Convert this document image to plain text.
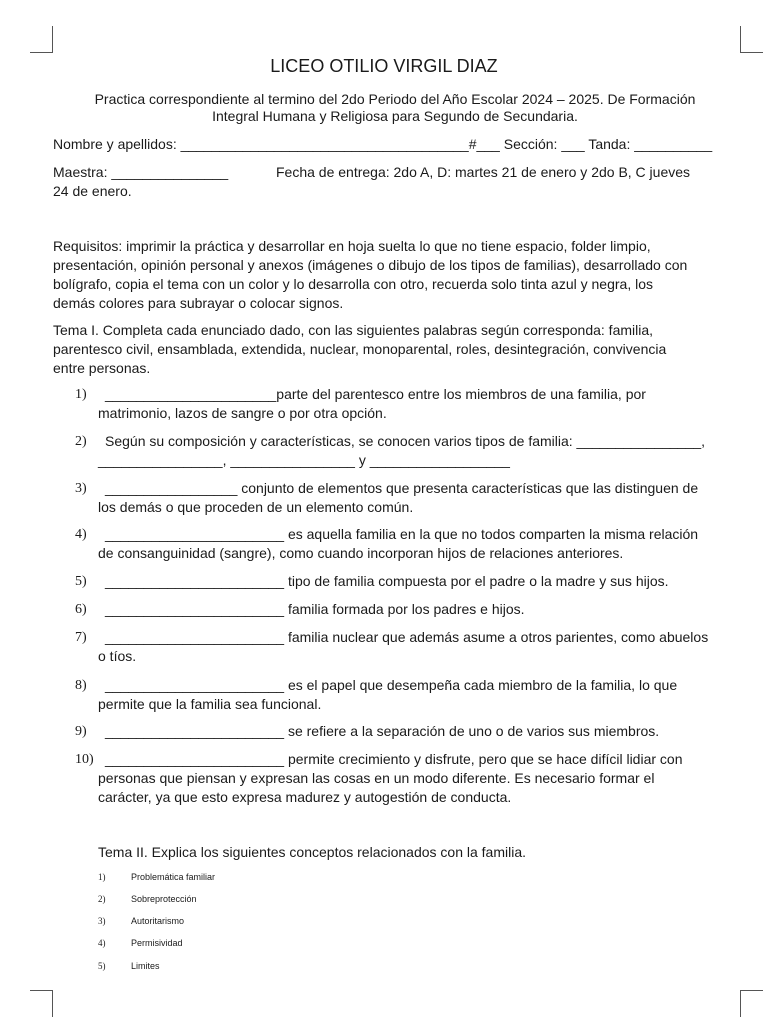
LICEO OTILIO VIRGIL DIAZ
Practica correspondiente al termino del 2do Periodo del Año Escolar 2024 – 2025. De Formación
Integral Humana y Religiosa para Segundo de Secundaria.
Nombre y apellidos: _____________________________________#___ Sección: ___ Tanda: __________
Maestra: _______________	Fecha de entrega: 2do A, D: martes 21 de enero y 2do B, C jueves
24 de enero.
Requisitos: imprimir la práctica y desarrollar en hoja suelta lo que no tiene espacio, folder limpio,
presentación, opinión personal y anexos (imágenes o dibujo de los tipos de familias), desarrollado con
bolígrafo, copia el tema con un color y lo desarrolla con otro, recuerda solo tinta azul y negra, los
demás colores para subrayar o colocar signos.
Tema I. Completa cada enunciado dado, con las siguientes palabras según corresponda: familia,
parentesco civil, ensamblada, extendida, nuclear, monoparental, roles, desintegración, convivencia
entre personas.
1) ______________________parte del parentesco entre los miembros de una familia, por
matrimonio, lazos de sangre o por otra opción.
2) Según su composición y características, se conocen varios tipos de familia: ________________,
________________, ________________ y __________________
3) _________________ conjunto de elementos que presenta características que las distinguen de
los demás o que proceden de un elemento común.
4) _______________________ es aquella familia en la que no todos comparten la misma relación
de consanguinidad (sangre), como cuando incorporan hijos de relaciones anteriores.
5) _______________________ tipo de familia compuesta por el padre o la madre y sus hijos.
6) _______________________ familia formada por los padres e hijos.
7) _______________________ familia nuclear que además asume a otros parientes, como abuelos
o tíos.
8) _______________________ es el papel que desempeña cada miembro de la familia, lo que
permite que la familia sea funcional.
9) _______________________ se refiere a la separación de uno o de varios sus miembros.
10) _______________________ permite crecimiento y disfrute, pero que se hace difícil lidiar con
personas que piensan y expresan las cosas en un modo diferente. Es necesario formar el
carácter, ya que esto expresa madurez y autogestión de conducta.
Tema II. Explica los siguientes conceptos relacionados con la familia.
1)	Problemática familiar
2)	Sobreprotección
3)	Autoritarismo
4)	Permisividad
5)	Limites
